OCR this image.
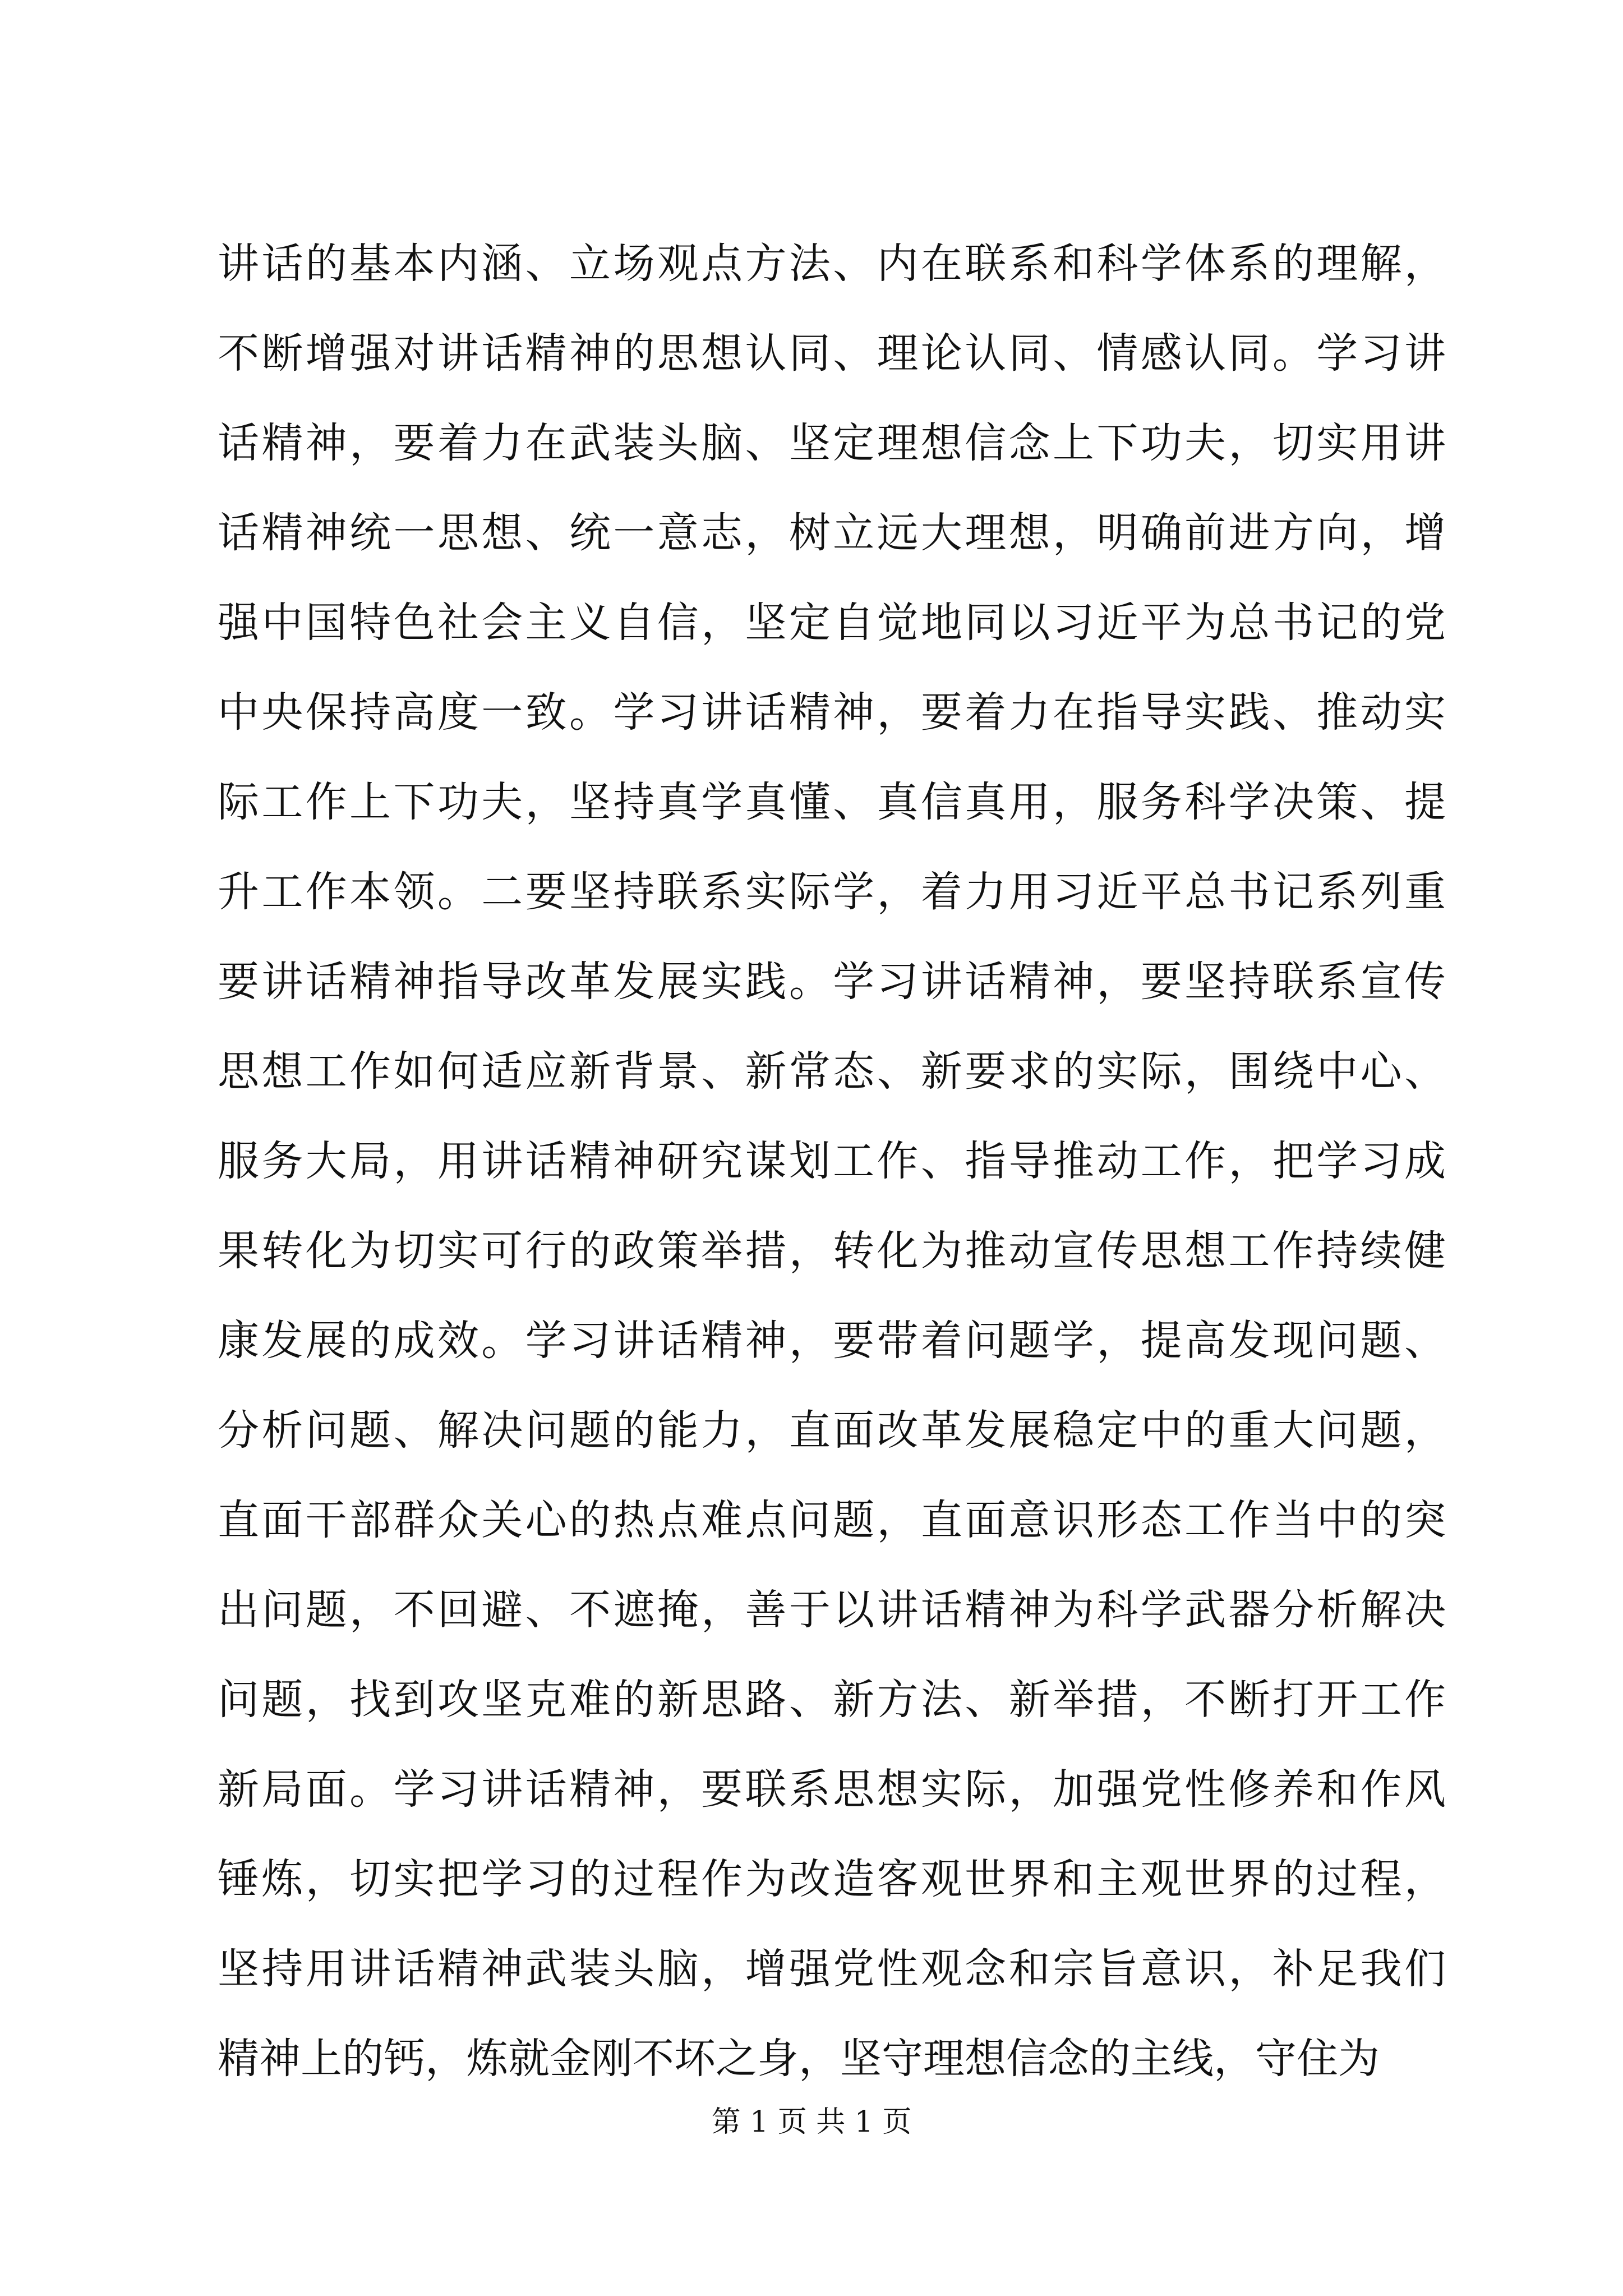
讲话的基本内涵、立场观点方法、内在联系和科学体系的理解，
不断增强对讲话精神的思想认同、理论认同、情感认同。学习讲
话精神，要着力在武装头脑、坚定理想信念上下功夫，切实用讲
话精神统一思想、统一意志，树立远大理想，明确前进方向，增
强中国特色社会主义自信，坚定自觉地同以习近平为总书记的党
中央保持高度一致。学习讲话精神，要着力在指导实践、推动实
际工作上下功夫，坚持真学真懂、真信真用，服务科学决策、提
升工作本领。二要坚持联系实际学，着力用习近平总书记系列重
要讲话精神指导改革发展实践。学习讲话精神，要坚持联系宣传
思想工作如何适应新背景、新常态、新要求的实际，围绕中心、
服务大局，用讲话精神研究谋划工作、指导推动工作，把学习成
果转化为切实可行的政策举措，转化为推动宣传思想工作持续健
康发展的成效。学习讲话精神，要带着问题学，提高发现问题、
分析问题、解决问题的能力，直面改革发展稳定中的重大问题，
直面干部群众关心的热点难点问题，直面意识形态工作当中的突
出问题，不回避、不遮掩，善于以讲话精神为科学武器分析解决
问题，找到攻坚克难的新思路、新方法、新举措，不断打开工作
新局面。学习讲话精神，要联系思想实际，加强党性修养和作风
锤炼，切实把学习的过程作为改造客观世界和主观世界的过程，
坚持用讲话精神武装头脑，增强党性观念和宗旨意识，补足我们
精神上的钙，炼就金刚不坏之身，坚守理想信念的主线，守住为
第 1 页 共 1 页
